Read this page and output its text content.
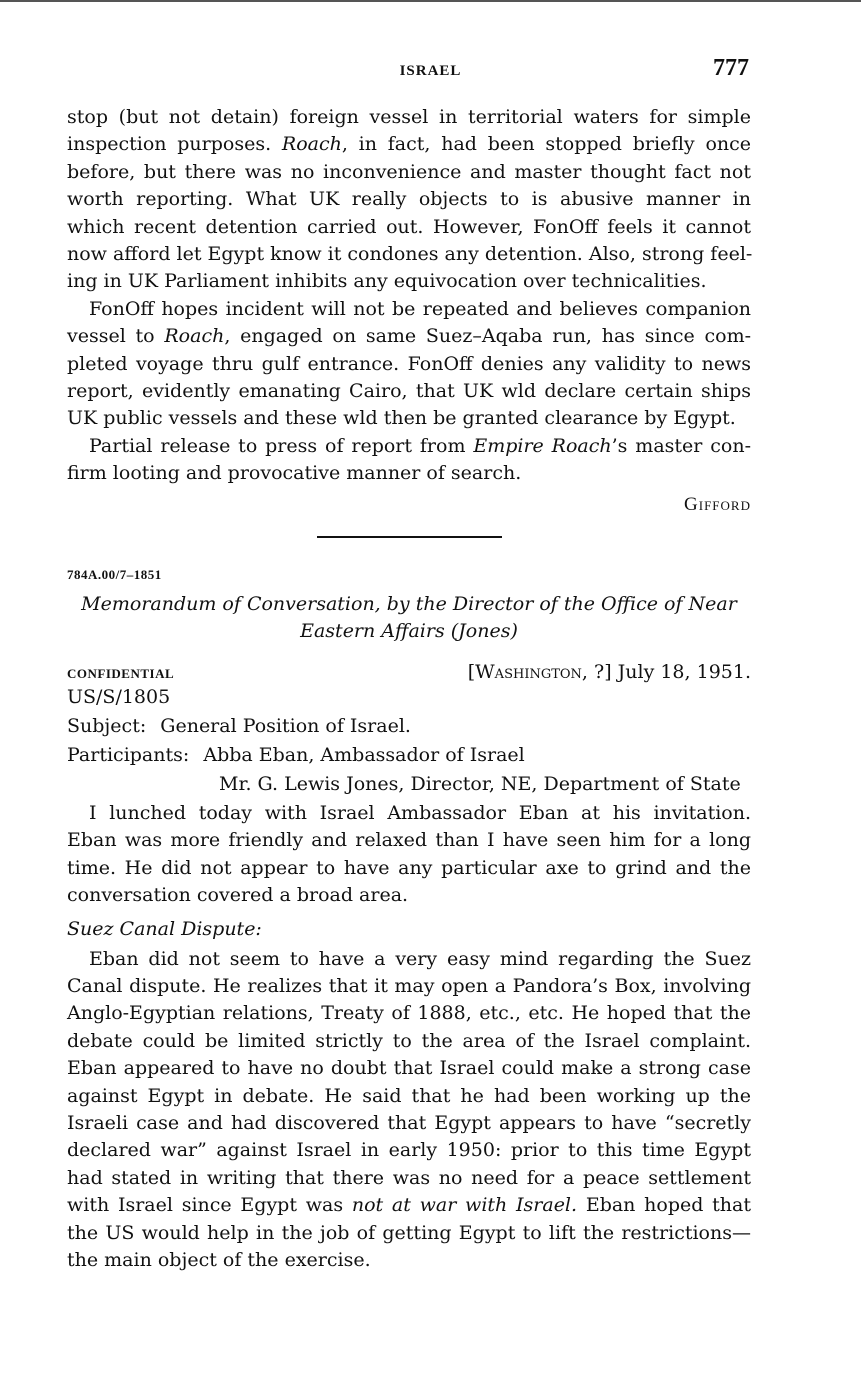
ISRAEL	777
stop (but not detain) foreign vessel in territorial waters for simple
inspection purposes. Roach, in fact, had been stopped briefly once
before, but there was no inconvenience and master thought fact not
worth reporting. What UK really objects to is abusive manner in
which recent detention carried out. However, FonOff feels it cannot
now afford let Egypt know it condones any detention. Also, strong feel-
ing in UK Parliament inhibits any equivocation over technicalities.
FonOff hopes incident will not be repeated and believes companion
vessel to Roach, engaged on same Suez–Aqaba run, has since com-
pleted voyage thru gulf entrance. FonOff denies any validity to news
report, evidently emanating Cairo, that UK wld declare certain ships
UK public vessels and these wld then be granted clearance by Egypt.
Partial release to press of report from Empire Roach’s master con-
firm looting and provocative manner of search.
Gifford
784A.00/7–1851
Memorandum of Conversation, by the Director of the Office of Near
Eastern Affairs (Jones)
CONFIDENTIAL	[Washington, ?] July 18, 1951.
US/S/1805
Subject: General Position of Israel.
Participants: Abba Eban, Ambassador of Israel
Mr. G. Lewis Jones, Director, NE, Department of State
I lunched today with Israel Ambassador Eban at his invitation.
Eban was more friendly and relaxed than I have seen him for a long
time. He did not appear to have any particular axe to grind and the
conversation covered a broad area.
Suez Canal Dispute:
Eban did not seem to have a very easy mind regarding the Suez
Canal dispute. He realizes that it may open a Pandora’s Box, involving
Anglo-Egyptian relations, Treaty of 1888, etc., etc. He hoped that the
debate could be limited strictly to the area of the Israel complaint.
Eban appeared to have no doubt that Israel could make a strong case
against Egypt in debate. He said that he had been working up the
Israeli case and had discovered that Egypt appears to have “secretly
declared war” against Israel in early 1950: prior to this time Egypt
had stated in writing that there was no need for a peace settlement
with Israel since Egypt was not at war with Israel. Eban hoped that
the US would help in the job of getting Egypt to lift the restrictions—
the main object of the exercise.
